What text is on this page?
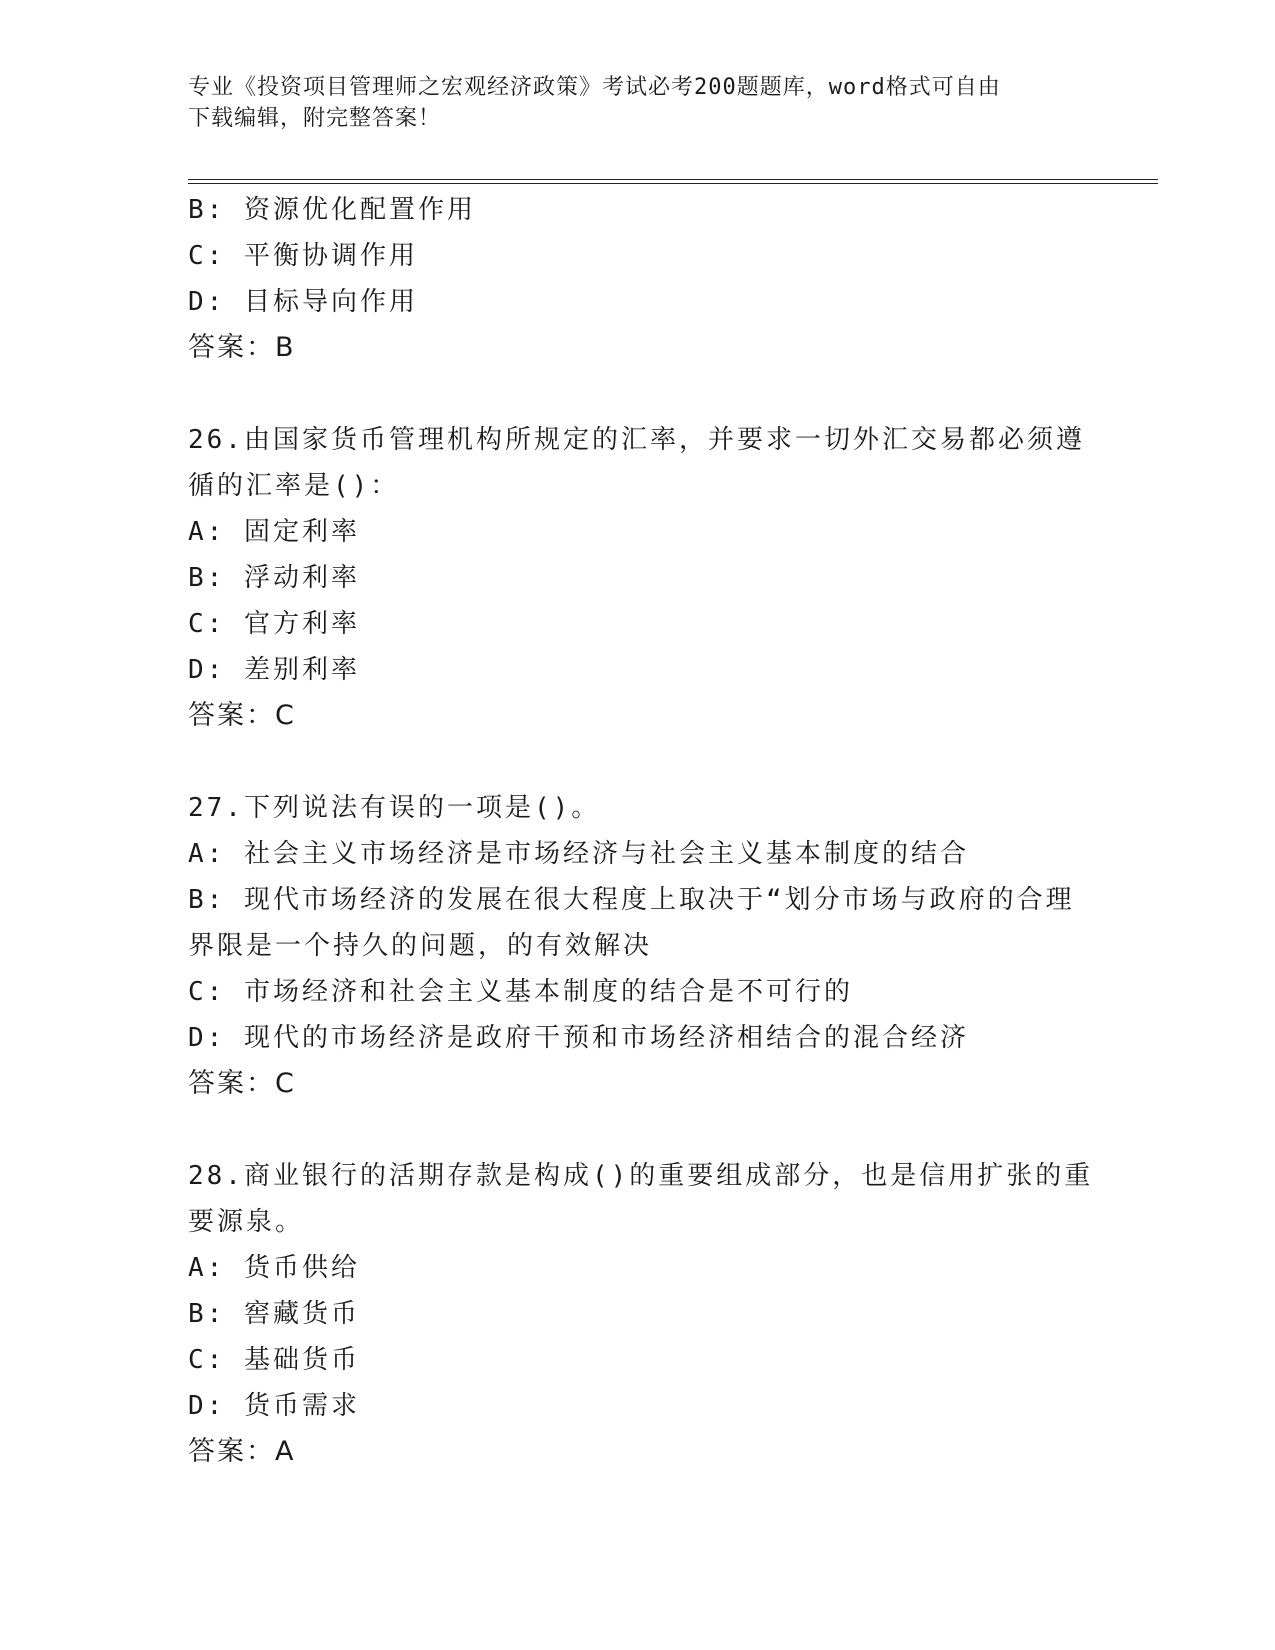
专业《投资项目管理师之宏观经济政策》考试必考200题题库，word格式可自由
下载编辑，附完整答案！
B: 资源优化配置作用
C: 平衡协调作用
D: 目标导向作用
答案：B
26.由国家货币管理机构所规定的汇率，并要求一切外汇交易都必须遵
循的汇率是()：
A: 固定利率
B: 浮动利率
C: 官方利率
D: 差别利率
答案：C
27.下列说法有误的一项是()。
A: 社会主义市场经济是市场经济与社会主义基本制度的结合
B: 现代市场经济的发展在很大程度上取决于“划分市场与政府的合理
界限是一个持久的问题，的有效解决
C: 市场经济和社会主义基本制度的结合是不可行的
D: 现代的市场经济是政府干预和市场经济相结合的混合经济
答案：C
28.商业银行的活期存款是构成()的重要组成部分，也是信用扩张的重
要源泉。
A: 货币供给
B: 窖藏货币
C: 基础货币
D: 货币需求
答案：A
